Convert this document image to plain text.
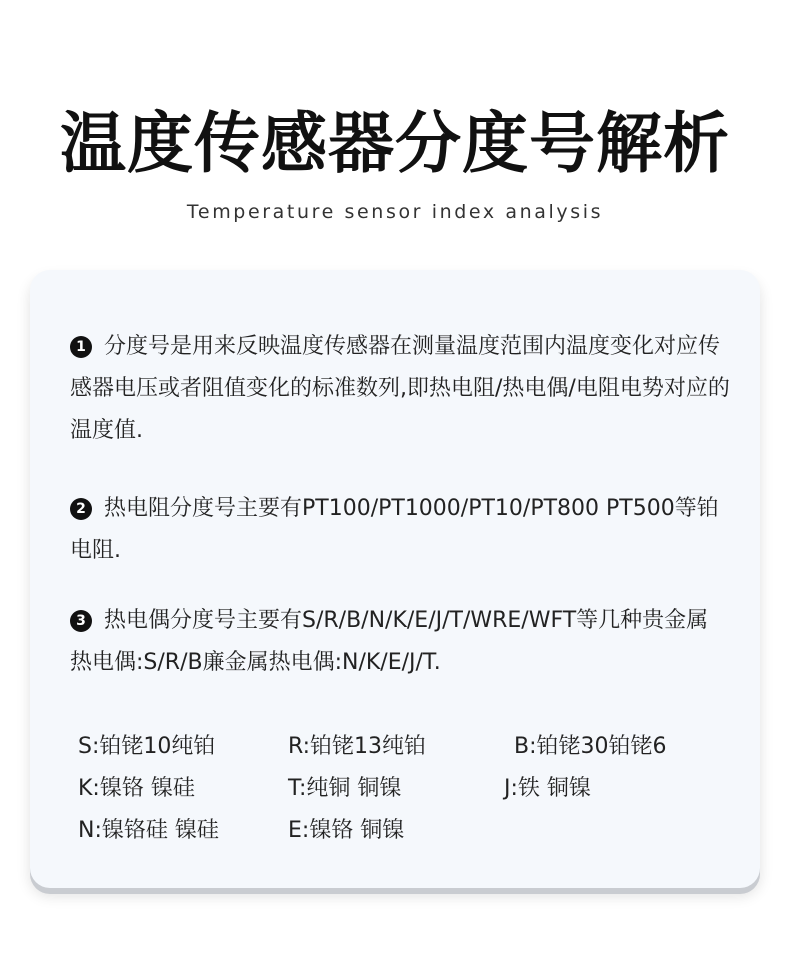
温度传感器分度号解析
Temperature sensor index analysis
1 分度号是用来反映温度传感器在测量温度范围内温度变化对应传感器电压或者阻值变化的标准数列,即热电阻/热电偶/电阻电势对应的温度值.
2 热电阻分度号主要有PT100/PT1000/PT10/PT800 PT500等铂电阻.
3 热电偶分度号主要有S/R/B/N/K/E/J/T/WRE/WFT等几种贵金属热电偶:S/R/B廉金属热电偶:N/K/E/J/T.
S:铂铑10纯铂	R:铂铑13纯铂	B:铂铑30铂铑6
K:镍铬 镍硅	T:纯铜 铜镍	J:铁 铜镍
N:镍铬硅 镍硅	E:镍铬 铜镍
